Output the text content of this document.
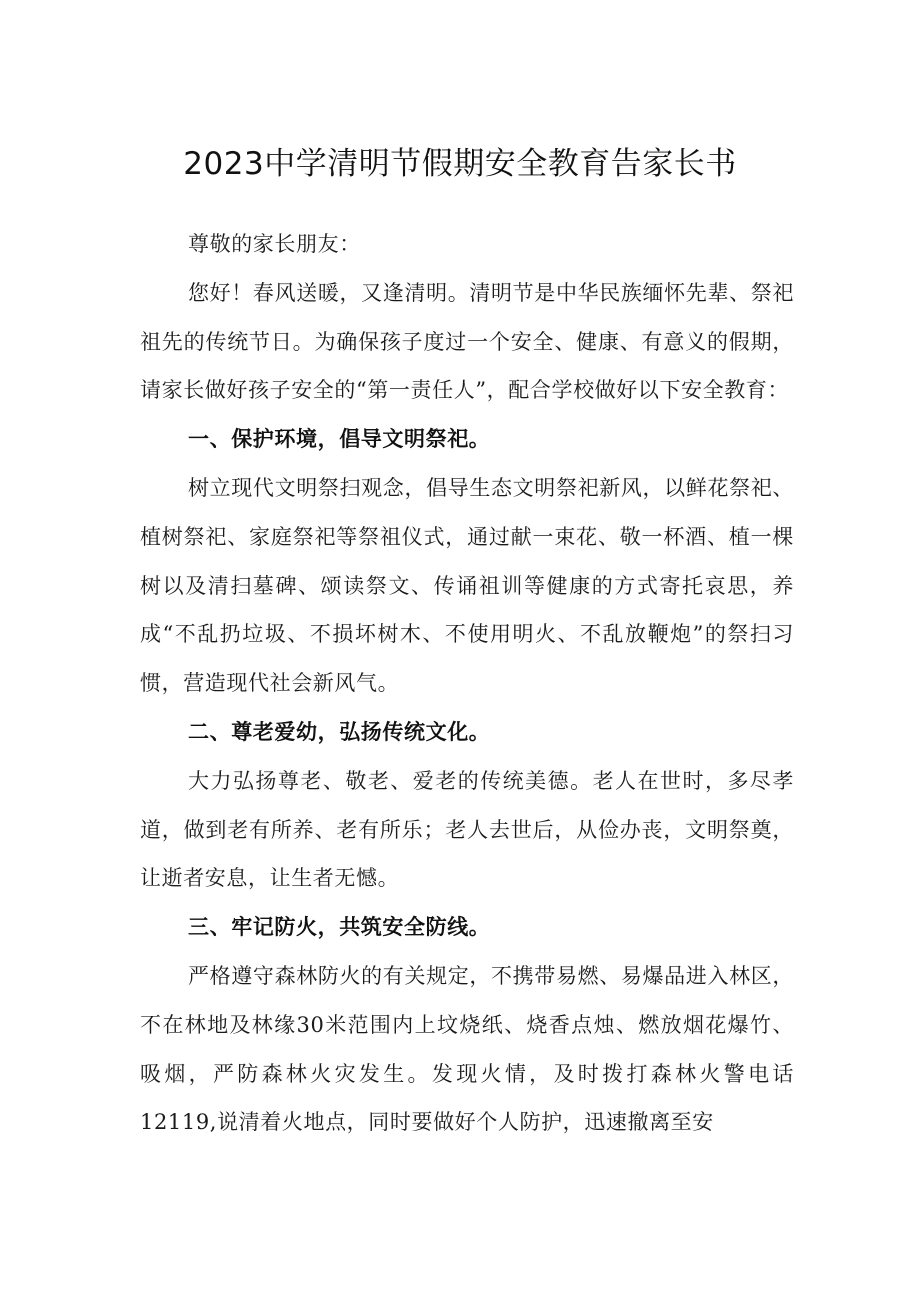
2023中学清明节假期安全教育告家长书

尊敬的家长朋友：

您好！春风送暖，又逢清明。清明节是中华民族缅怀先辈、祭祀祖先的传统节日。为确保孩子度过一个安全、健康、有意义的假期，请家长做好孩子安全的“第一责任人”，配合学校做好以下安全教育：

一、保护环境，倡导文明祭祀。

树立现代文明祭扫观念，倡导生态文明祭祀新风，以鲜花祭祀、植树祭祀、家庭祭祀等祭祖仪式，通过献一束花、敬一杯酒、植一棵树以及清扫墓碑、颂读祭文、传诵祖训等健康的方式寄托哀思，养成“不乱扔垃圾、不损坏树木、不使用明火、不乱放鞭炮”的祭扫习惯，营造现代社会新风气。

二、尊老爱幼，弘扬传统文化。

大力弘扬尊老、敬老、爱老的传统美德。老人在世时，多尽孝道，做到老有所养、老有所乐；老人去世后，从俭办丧，文明祭奠，让逝者安息，让生者无憾。

三、牢记防火，共筑安全防线。

严格遵守森林防火的有关规定，不携带易燃、易爆品进入林区，不在林地及林缘30米范围内上坟烧纸、烧香点烛、燃放烟花爆竹、吸烟，严防森林火灾发生。发现火情，及时拨打森林火警电话12119,说清着火地点，同时要做好个人防护，迅速撤离至安
